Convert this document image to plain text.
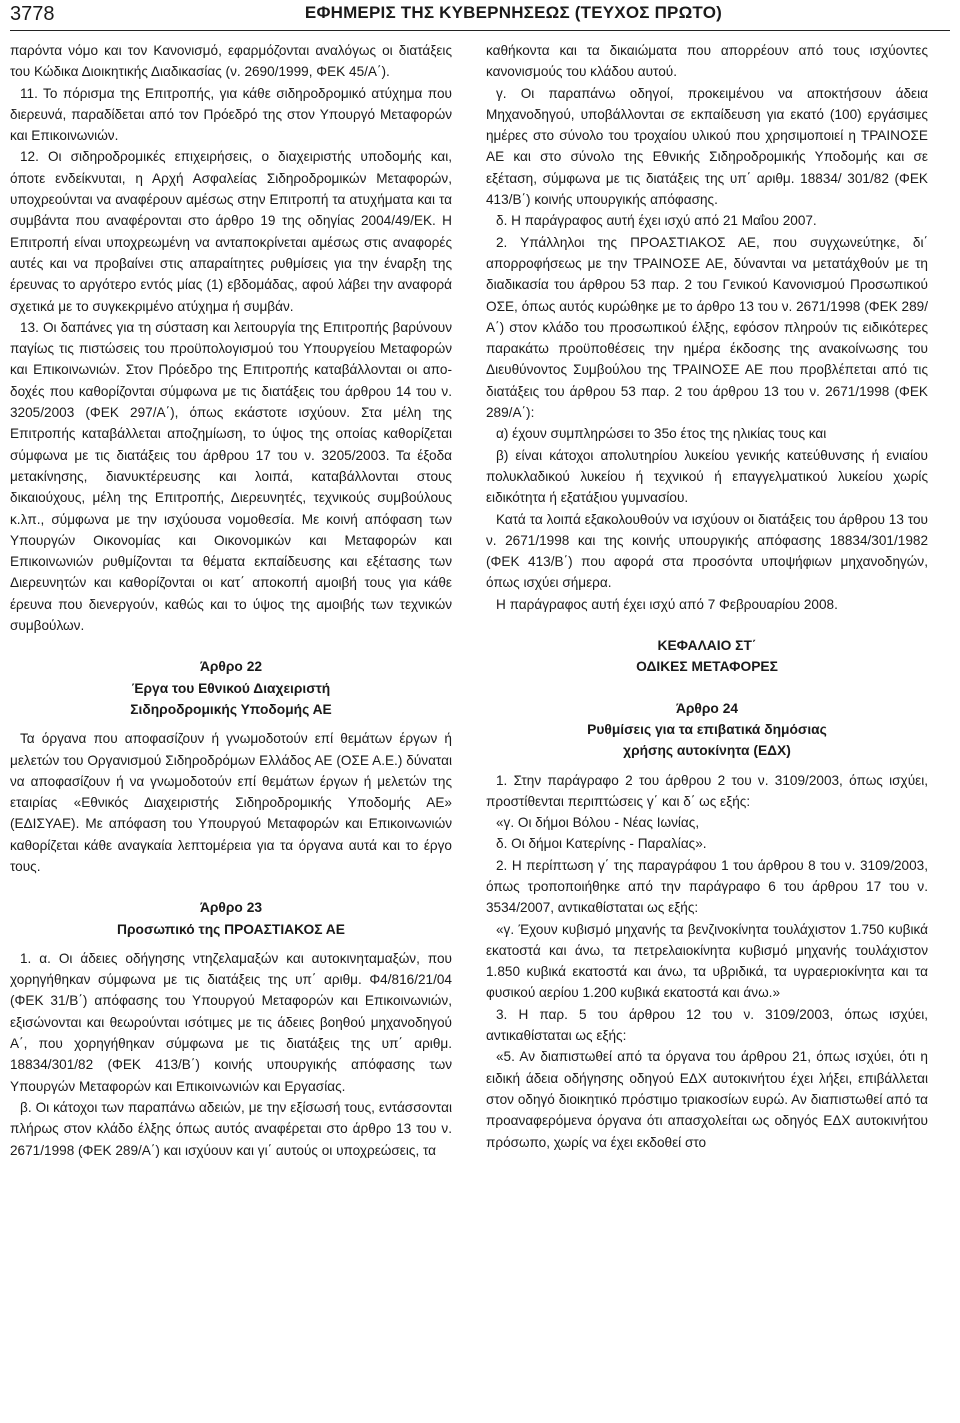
3778	ΕΦΗΜΕΡΙΣ ΤΗΣ ΚΥΒΕΡΝΗΣΕΩΣ (ΤΕΥΧΟΣ ΠΡΩΤΟ)

παρόντα νόμο και τον Κανονισμό, εφαρμόζονται αναλόγως οι διατάξεις του Κώδικα Διοικητικής Διαδικασίας (ν. 2690/1999, ΦΕΚ 45/Α΄).

11. Το πόρισμα της Επιτροπής, για κάθε σιδηροδρομικό ατύχημα που διερευνά, παραδίδεται από τον Πρόεδρό της στον Υπουργό Μεταφορών και Επικοινωνιών.

12. Οι σιδηροδρομικές επιχειρήσεις, ο διαχειριστής υποδομής και, όποτε ενδείκνυται, η Αρχή Ασφαλείας Σιδηροδρομικών Μεταφορών, υποχρεούνται να αναφέρουν αμέσως στην Επιτροπή τα ατυχήματα και τα συμβάντα που αναφέρονται στο άρθρο 19 της οδηγίας 2004/49/ΕΚ. Η Επιτροπή είναι υποχρεωμένη να ανταποκρίνεται αμέσως στις αναφορές αυτές και να προβαίνει στις απαραίτητες ρυθμίσεις για την έναρξη της έρευνας το αργότερο εντός μίας (1) εβδομάδας, αφού λάβει την αναφορά σχετικά με το συγκεκριμένο ατύχημα ή συμβάν.

13. Οι δαπάνες για τη σύσταση και λειτουργία της Επιτροπής βαρύνουν παγίως τις πιστώσεις του προϋπολογισμού του Υπουργείου Μεταφορών και Επικοινωνιών. Στον Πρόεδρο της Επιτροπής καταβάλλονται οι αποδοχές που καθορίζονται σύμφωνα με τις διατάξεις του άρθρου 14 του ν. 3205/2003 (ΦΕΚ 297/Α΄), όπως εκάστοτε ισχύουν. Στα μέλη της Επιτροπής καταβάλλεται αποζημίωση, το ύψος της οποίας καθορίζεται σύμφωνα με τις διατάξεις του άρθρου 17 του ν. 3205/2003. Τα έξοδα μετακίνησης, διανυκτέρευσης και λοιπά, καταβάλλονται στους δικαιούχους, μέλη της Επιτροπής, Διερευνητές, τεχνικούς συμβούλους κ.λπ., σύμφωνα με την ισχύουσα νομοθεσία. Με κοινή απόφαση των Υπουργών Οικονομίας και Οικονομικών και Μεταφορών και Επικοινωνιών ρυθμίζονται τα θέματα εκπαίδευσης και εξέτασης των Διερευνητών και καθορίζονται οι κατ΄ αποκοπή αμοιβή τους για κάθε έρευνα που διενεργούν, καθώς και το ύψος της αμοιβής των τεχνικών συμβούλων.

Άρθρο 22
Έργα του Εθνικού Διαχειριστή
Σιδηροδρομικής Υποδομής ΑΕ

Τα όργανα που αποφασίζουν ή γνωμοδοτούν επί θεμάτων έργων ή μελετών του Οργανισμού Σιδηροδρόμων Ελλάδος ΑΕ (ΟΣΕ Α.Ε.) δύναται να αποφασίζουν ή να γνωμοδοτούν επί θεμάτων έργων ή μελετών της εταιρίας «Εθνικός Διαχειριστής Σιδηροδρομικής Υποδομής ΑΕ» (ΕΔΙΣΥΑΕ). Με απόφαση του Υπουργού Μεταφορών και Επικοινωνιών καθορίζεται κάθε αναγκαία λεπτομέρεια για τα όργανα αυτά και το έργο τους.

Άρθρο 23
Προσωπικό της ΠΡΟΑΣΤΙΑΚΟΣ ΑΕ

1. α. Οι άδειες οδήγησης ντηζελαμαξών και αυτοκινηταμαξών, που χορηγήθηκαν σύμφωνα με τις διατάξεις της υπ΄ αριθμ. Φ4/816/21/04 (ΦΕΚ 31/Β΄) απόφασης του Υπουργού Μεταφορών και Επικοινωνιών, εξισώνονται και θεωρούνται ισότιμες με τις άδειες βοηθού μηχανοδηγού Α΄, που χορηγήθηκαν σύμφωνα με τις διατάξεις της υπ΄ αριθμ. 18834/301/82 (ΦΕΚ 413/Β΄) κοινής υπουργικής απόφασης των Υπουργών Μεταφορών και Επικοινωνιών και Εργασίας.

β. Οι κάτοχοι των παραπάνω αδειών, με την εξίσωσή τους, εντάσσονται πλήρως στον κλάδο έλξης όπως αυτός αναφέρεται στο άρθρο 13 του ν. 2671/1998 (ΦΕΚ 289/Α΄) και ισχύουν και γι΄ αυτούς οι υποχρεώσεις, τα

καθήκοντα και τα δικαιώματα που απορρέουν από τους ισχύοντες κανονισμούς του κλάδου αυτού.

γ. Οι παραπάνω οδηγοί, προκειμένου να αποκτήσουν άδεια Μηχανοδηγού, υποβάλλονται σε εκπαίδευση για εκατό (100) εργάσιμες ημέρες στο σύνολο του τροχαίου υλικού που χρησιμοποιεί η ΤΡΑΙΝΟΣΕ ΑΕ και στο σύνολο της Εθνικής Σιδηροδρομικής Υποδομής και σε εξέταση, σύμφωνα με τις διατάξεις της υπ΄ αριθμ. 18834/ 301/82 (ΦΕΚ 413/Β΄) κοινής υπουργικής απόφασης.

δ. Η παράγραφος αυτή έχει ισχύ από 21 Μαΐου 2007.

2. Υπάλληλοι της ΠΡΟΑΣΤΙΑΚΟΣ ΑΕ, που συγχωνεύτηκε, δι΄ απορροφήσεως με την ΤΡΑΙΝΟΣΕ ΑΕ, δύνανται να μετατάχθούν με τη διαδικασία του άρθρου 53 παρ. 2 του Γενικού Κανονισμού Προσωπικού ΟΣΕ, όπως αυτός κυρώθηκε με το άρθρο 13 του ν. 2671/1998 (ΦΕΚ 289/Α΄) στον κλάδο του προσωπικού έλξης, εφόσον πληρούν τις ειδικότερες παρακάτω προϋποθέσεις την ημέρα έκδοσης της ανακοίνωσης του Διευθύνοντος Συμβούλου της ΤΡΑΙΝΟΣΕ ΑΕ που προβλέπεται από τις διατάξεις του άρθρου 53 παρ. 2 του άρθρου 13 του ν. 2671/1998 (ΦΕΚ 289/Α΄):

α) έχουν συμπληρώσει το 35ο έτος της ηλικίας τους και

β) είναι κάτοχοι απολυτηρίου λυκείου γενικής κατεύθυνσης ή ενιαίου πολυκλαδικού λυκείου ή τεχνικού ή επαγγελματικού λυκείου χωρίς ειδικότητα ή εξατάξιου γυμνασίου.

Κατά τα λοιπά εξακολουθούν να ισχύουν οι διατάξεις του άρθρου 13 του ν. 2671/1998 και της κοινής υπουργικής απόφασης 18834/301/1982 (ΦΕΚ 413/Β΄) που αφορά στα προσόντα υποψήφιων μηχανοδηγών, όπως ισχύει σήμερα.

Η παράγραφος αυτή έχει ισχύ από 7 Φεβρουαρίου 2008.

ΚΕΦΑΛΑΙΟ ΣΤ΄
ΟΔΙΚΕΣ ΜΕΤΑΦΟΡΕΣ
Άρθρο 24
Ρυθμίσεις για τα επιβατικά δημόσιας
χρήσης αυτοκίνητα (ΕΔΧ)

1. Στην παράγραφο 2 του άρθρου 2 του ν. 3109/2003, όπως ισχύει, προστίθενται περιπτώσεις γ΄ και δ΄ ως εξής:

«γ. Οι δήμοι Βόλου - Νέας Ιωνίας,

δ. Οι δήμοι Κατερίνης - Παραλίας».

2. Η περίπτωση γ΄ της παραγράφου 1 του άρθρου 8 του ν. 3109/2003, όπως τροποποιήθηκε από την παράγραφο 6 του άρθρου 17 του ν. 3534/2007, αντικαθίσταται ως εξής:

«γ. Έχουν κυβισμό μηχανής τα βενζινοκίνητα τουλάχιστον 1.750 κυβικά εκατοστά και άνω, τα πετρελαιοκίνητα κυβισμό μηχανής τουλάχιστον 1.850 κυβικά εκατοστά και άνω, τα υβριδικά, τα υγραεριοκίνητα και τα φυσικού αερίου 1.200 κυβικά εκατοστά και άνω.»

3. Η παρ. 5 του άρθρου 12 του ν. 3109/2003, όπως ισχύει, αντικαθίσταται ως εξής:

«5. Αν διαπιστωθεί από τα όργανα του άρθρου 21, όπως ισχύει, ότι η ειδική άδεια οδήγησης οδηγού ΕΔΧ αυτοκινήτου έχει λήξει, επιβάλλεται στον οδηγό διοικητικό πρόστιμο τριακοσίων ευρώ. Αν διαπιστωθεί από τα προαναφερόμενα όργανα ότι απασχολείται ως οδηγός ΕΔΧ αυτοκινήτου πρόσωπο, χωρίς να έχει εκδοθεί στο
